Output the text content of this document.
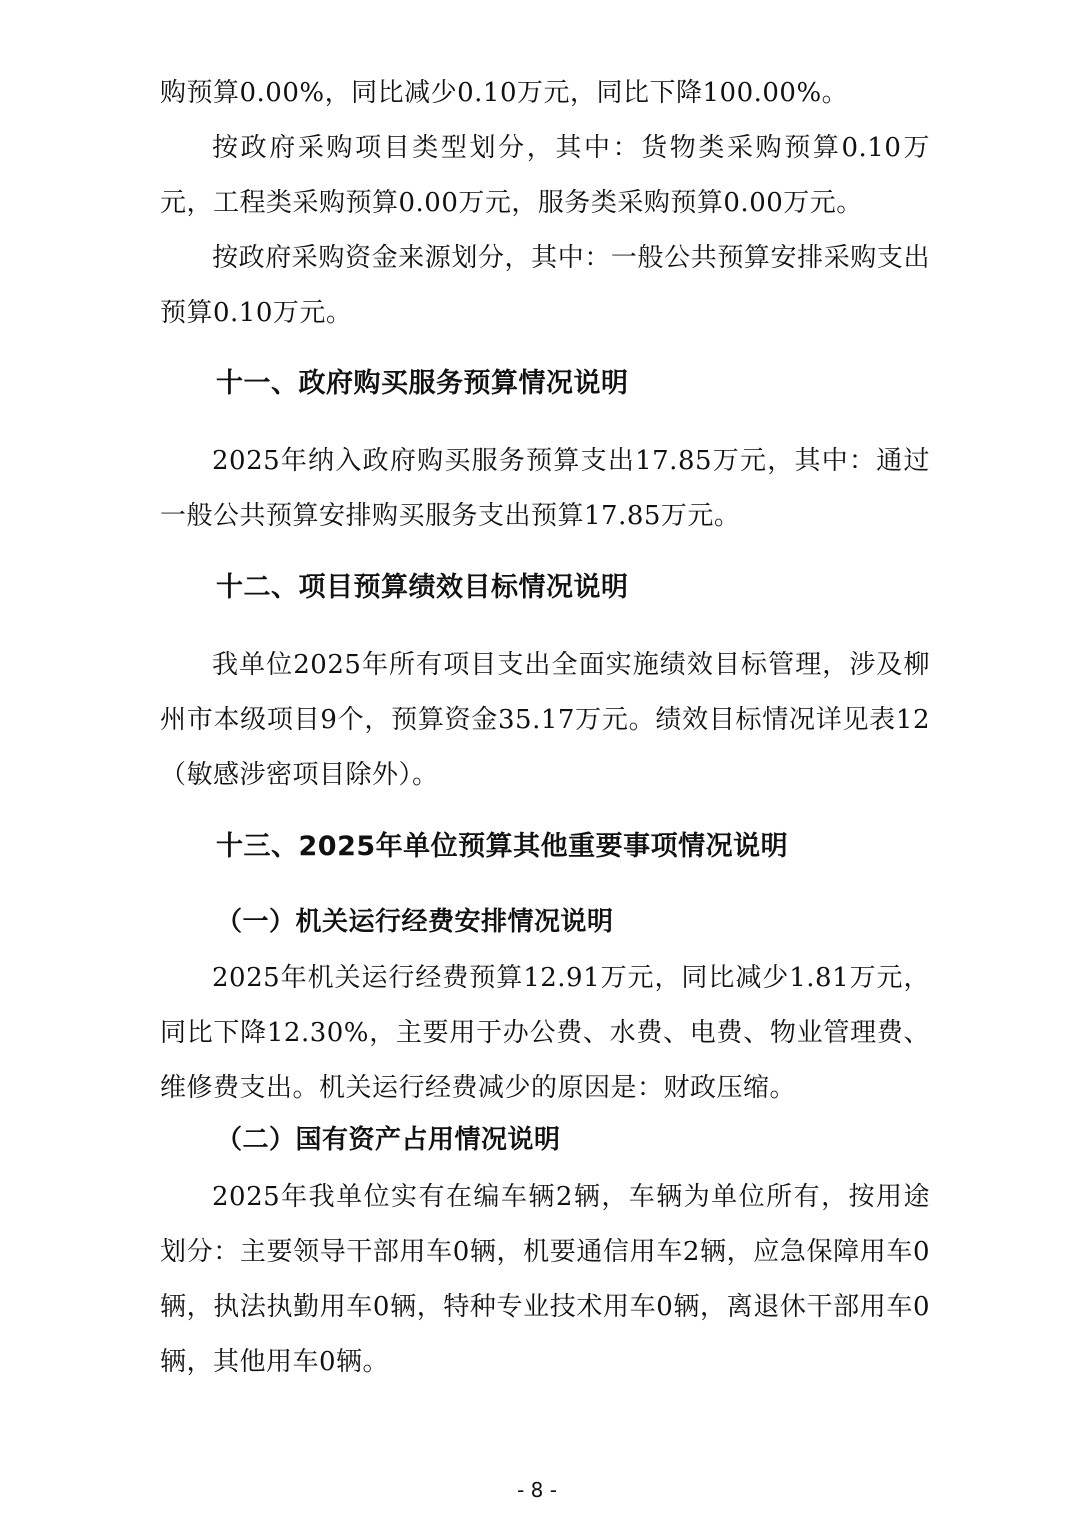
购预算0.00%，同比减少0.10万元，同比下降100.00%。

按政府采购项目类型划分，其中：货物类采购预算0.10万元，工程类采购预算0.00万元，服务类采购预算0.00万元。

按政府采购资金来源划分，其中：一般公共预算安排采购支出预算0.10万元。

十一、政府购买服务预算情况说明

2025年纳入政府购买服务预算支出17.85万元，其中：通过一般公共预算安排购买服务支出预算17.85万元。

十二、项目预算绩效目标情况说明

我单位2025年所有项目支出全面实施绩效目标管理，涉及柳州市本级项目9个，预算资金35.17万元。绩效目标情况详见表12（敏感涉密项目除外）。

十三、2025年单位预算其他重要事项情况说明
（一）机关运行经费安排情况说明

2025年机关运行经费预算12.91万元，同比减少1.81万元，同比下降12.30%，主要用于办公费、水费、电费、物业管理费、维修费支出。机关运行经费减少的原因是：财政压缩。

（二）国有资产占用情况说明

2025年我单位实有在编车辆2辆，车辆为单位所有，按用途划分：主要领导干部用车0辆，机要通信用车2辆，应急保障用车0辆，执法执勤用车0辆，特种专业技术用车0辆，离退休干部用车0辆，其他用车0辆。

- 8 -
